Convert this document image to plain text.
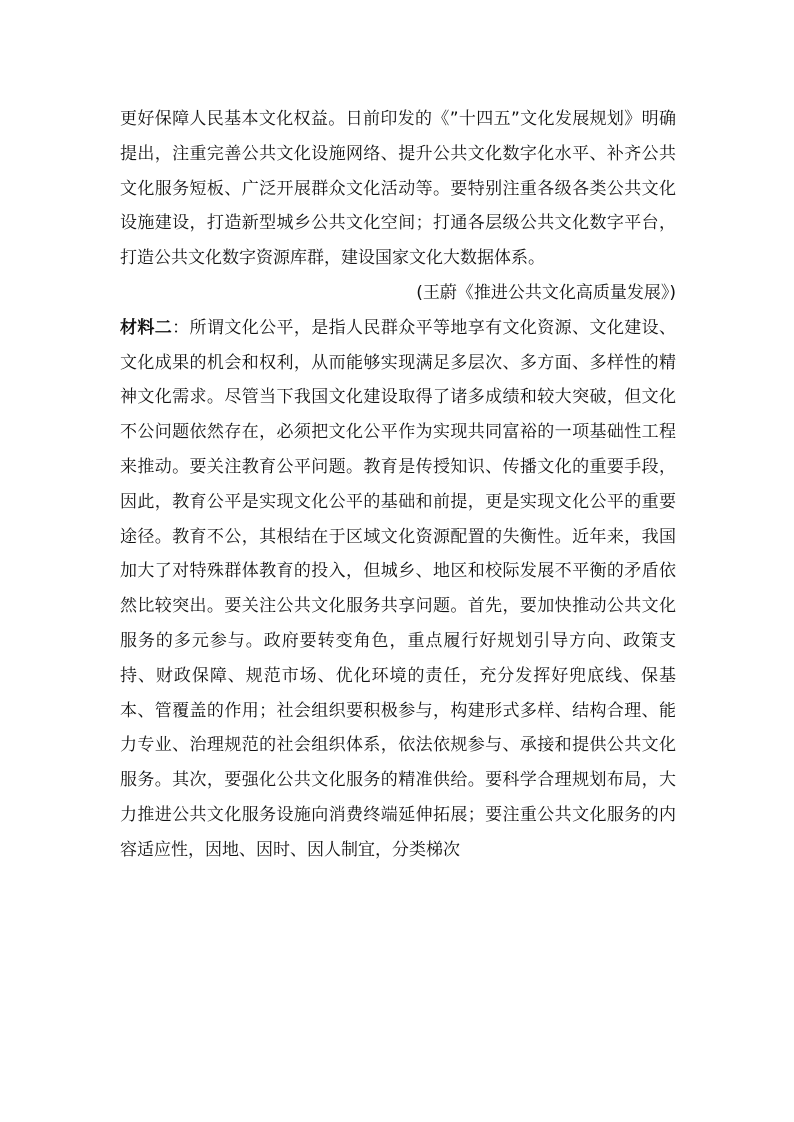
更好保障人民基本文化权益。日前印发的《”十四五”文化发展规划》明确提出，注重完善公共文化设施网络、提升公共文化数字化水平、补齐公共文化服务短板、广泛开展群众文化活动等。要特别注重各级各类公共文化设施建设，打造新型城乡公共文化空间；打通各层级公共文化数字平台，打造公共文化数字资源库群，建设国家文化大数据体系。

(王蔚《推进公共文化高质量发展》)

材料二：所谓文化公平，是指人民群众平等地享有文化资源、文化建设、文化成果的机会和权利，从而能够实现满足多层次、多方面、多样性的精神文化需求。尽管当下我国文化建设取得了诸多成绩和较大突破，但文化不公问题依然存在，必须把文化公平作为实现共同富裕的一项基础性工程来推动。要关注教育公平问题。教育是传授知识、传播文化的重要手段，因此，教育公平是实现文化公平的基础和前提，更是实现文化公平的重要途径。教育不公，其根结在于区域文化资源配置的失衡性。近年来，我国加大了对特殊群体教育的投入，但城乡、地区和校际发展不平衡的矛盾依然比较突出。要关注公共文化服务共享问题。首先，要加快推动公共文化服务的多元参与。政府要转变角色，重点履行好规划引导方向、政策支持、财政保障、规范市场、优化环境的责任，充分发挥好兜底线、保基本、管覆盖的作用；社会组织要积极参与，构建形式多样、结构合理、能力专业、治理规范的社会组织体系，依法依规参与、承接和提供公共文化服务。其次，要强化公共文化服务的精准供给。要科学合理规划布局，大力推进公共文化服务设施向消费终端延伸拓展；要注重公共文化服务的内容适应性，因地、因时、因人制宜，分类梯次
